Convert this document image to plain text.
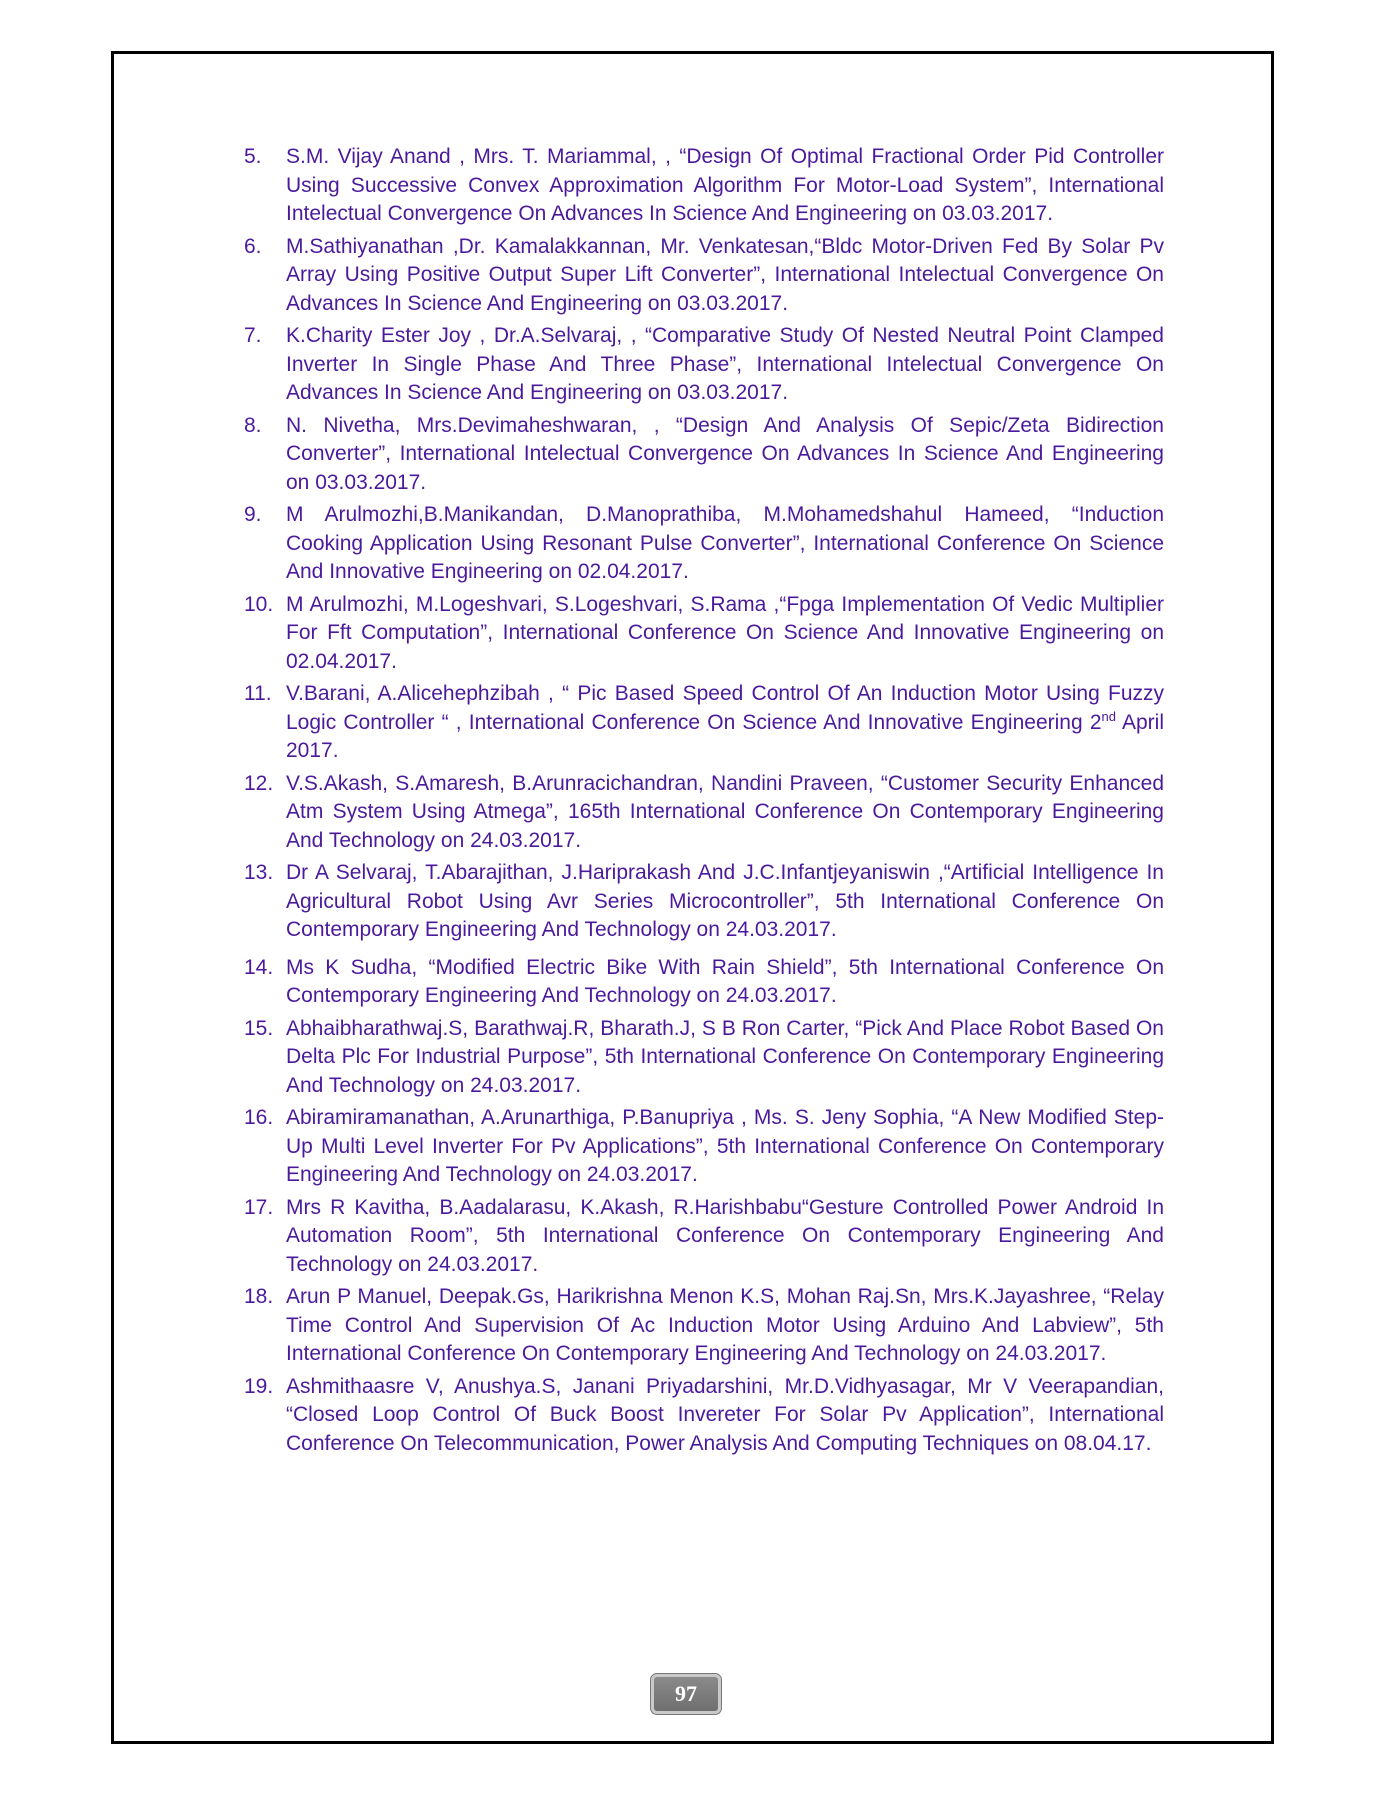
5.	S.M. Vijay Anand , Mrs. T. Mariammal, , “Design Of Optimal Fractional Order Pid Controller Using Successive Convex Approximation Algorithm For Motor-Load System”, International Intelectual Convergence On Advances In Science And Engineering on 03.03.2017.
6.	M.Sathiyanathan ,Dr. Kamalakkannan, Mr. Venkatesan,“Bldc Motor-Driven Fed By Solar Pv Array Using Positive Output Super Lift Converter”, International Intelectual Convergence On Advances In Science And Engineering on 03.03.2017.
7.	K.Charity Ester Joy , Dr.A.Selvaraj, , “Comparative Study Of Nested Neutral Point Clamped Inverter In Single Phase And Three Phase”, International Intelectual Convergence On Advances In Science And Engineering on 03.03.2017.
8.	N. Nivetha, Mrs.Devimaheshwaran, , “Design And Analysis Of Sepic/Zeta Bidirection Converter”, International Intelectual Convergence On Advances In Science And Engineering on 03.03.2017.
9.	M Arulmozhi,B.Manikandan, D.Manoprathiba, M.Mohamedshahul Hameed, “Induction Cooking Application Using Resonant Pulse Converter”, International Conference On Science And Innovative Engineering on 02.04.2017.
10. M Arulmozhi, M.Logeshvari, S.Logeshvari, S.Rama ,“Fpga Implementation Of Vedic Multiplier For Fft Computation”, International Conference On Science And Innovative Engineering on 02.04.2017.
11. V.Barani, A.Alicehephzibah , “ Pic Based Speed Control Of An Induction Motor Using Fuzzy Logic Controller “ , International Conference On Science And Innovative Engineering 2nd April 2017.
12. V.S.Akash, S.Amaresh, B.Arunracichandran, Nandini Praveen, “Customer Security Enhanced Atm System Using Atmega”, 165th International Conference On Contemporary Engineering And Technology on 24.03.2017.
13. Dr A Selvaraj, T.Abarajithan, J.Hariprakash And J.C.Infantjeyaniswin ,“Artificial Intelligence In Agricultural Robot Using Avr Series Microcontroller”, 5th International Conference On Contemporary Engineering And Technology on 24.03.2017.
14. Ms K Sudha, “Modified Electric Bike With Rain Shield”, 5th International Conference On Contemporary Engineering And Technology on 24.03.2017.
15. Abhaibharathwaj.S, Barathwaj.R, Bharath.J, S B Ron Carter, “Pick And Place Robot Based On Delta Plc For Industrial Purpose”, 5th International Conference On Contemporary Engineering And Technology on 24.03.2017.
16. Abiramiramanathan, A.Arunarthiga, P.Banupriya , Ms. S. Jeny Sophia, “A New Modified Step-Up Multi Level Inverter For Pv Applications”, 5th International Conference On Contemporary Engineering And Technology on 24.03.2017.
17. Mrs R Kavitha, B.Aadalarasu, K.Akash, R.Harishbabu“Gesture Controlled Power Android In Automation Room”, 5th International Conference On Contemporary Engineering And Technology on 24.03.2017.
18. Arun P Manuel, Deepak.Gs, Harikrishna Menon K.S, Mohan Raj.Sn, Mrs.K.Jayashree, “Relay Time Control And Supervision Of Ac Induction Motor Using Arduino And Labview”, 5th International Conference On Contemporary Engineering And Technology on 24.03.2017.
19. Ashmithaasre V, Anushya.S, Janani Priyadarshini, Mr.D.Vidhyasagar, Mr V Veerapandian, “Closed Loop Control Of Buck Boost Invereter For Solar Pv Application”, International Conference On Telecommunication, Power Analysis And Computing Techniques on 08.04.17.
97
